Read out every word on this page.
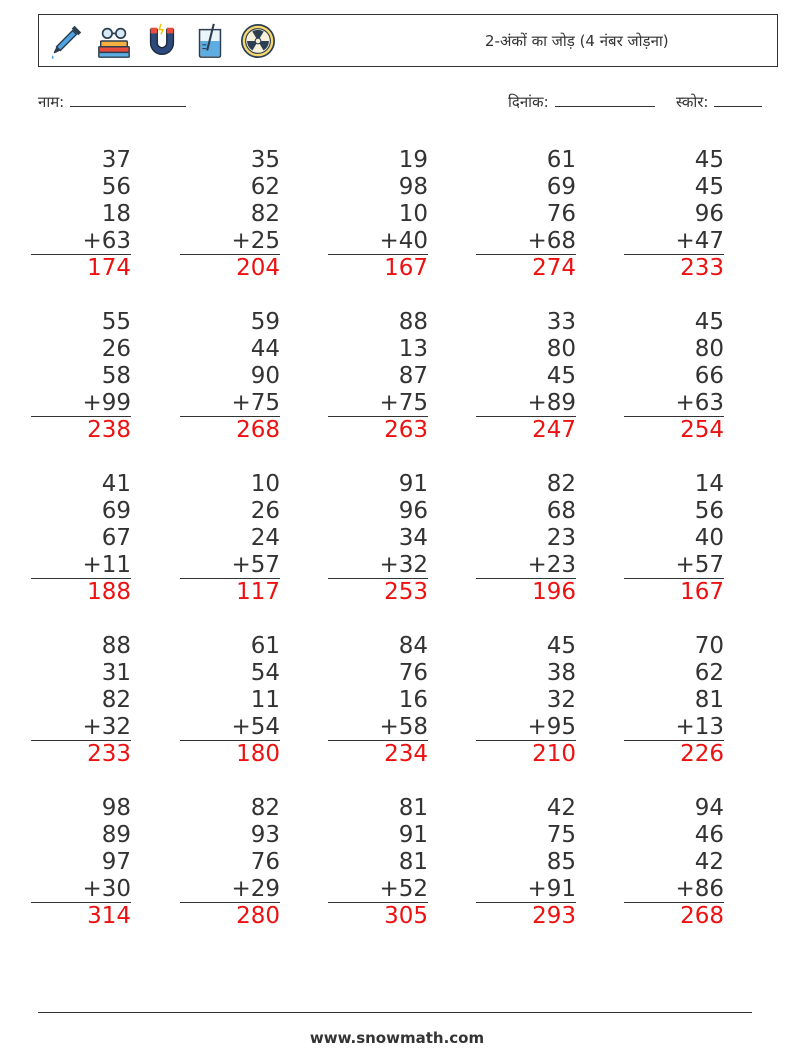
2-अंकों का जोड़ (4 नंबर जोड़ना)
नाम:	दिनांक:	स्कोर:
37
56
18
+63
174
35
62
82
+25
204
19
98
10
+40
167
61
69
76
+68
274
45
45
96
+47
233
55
26
58
+99
238
59
44
90
+75
268
88
13
87
+75
263
33
80
45
+89
247
45
80
66
+63
254
41
69
67
+11
188
10
26
24
+57
117
91
96
34
+32
253
82
68
23
+23
196
14
56
40
+57
167
88
31
82
+32
233
61
54
11
+54
180
84
76
16
+58
234
45
38
32
+95
210
70
62
81
+13
226
98
89
97
+30
314
82
93
76
+29
280
81
91
81
+52
305
42
75
85
+91
293
94
46
42
+86
268
www.snowmath.com
